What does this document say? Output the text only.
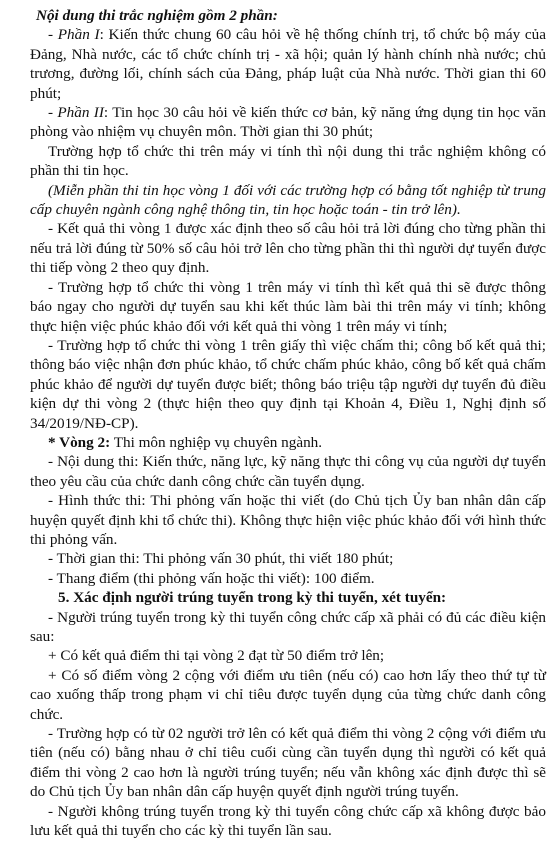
Nội dung thi trắc nghiệm gồm 2 phần:

- Phần I: Kiến thức chung 60 câu hỏi về hệ thống chính trị, tổ chức bộ máy của Đảng, Nhà nước, các tổ chức chính trị - xã hội; quản lý hành chính nhà nước; chủ trương, đường lối, chính sách của Đảng, pháp luật của Nhà nước. Thời gian thi 60 phút;

- Phần II: Tin học 30 câu hỏi về kiến thức cơ bản, kỹ năng ứng dụng tin học văn phòng vào nhiệm vụ chuyên môn. Thời gian thi 30 phút;

Trường hợp tổ chức thi trên máy vi tính thì nội dung thi trắc nghiệm không có phần thi tin học.

(Miễn phần thi tin học vòng 1 đối với các trường hợp có bằng tốt nghiệp từ trung cấp chuyên ngành công nghệ thông tin, tin học hoặc toán - tin trở lên).

- Kết quả thi vòng 1 được xác định theo số câu hỏi trả lời đúng cho từng phần thi nếu trả lời đúng từ 50% số câu hỏi trở lên cho từng phần thi thì người dự tuyển được thi tiếp vòng 2 theo quy định.

- Trường hợp tổ chức thi vòng 1 trên máy vi tính thì kết quả thi sẽ được thông báo ngay cho người dự tuyển sau khi kết thúc làm bài thi trên máy vi tính; không thực hiện việc phúc khảo đối với kết quả thi vòng 1 trên máy vi tính;

- Trường hợp tổ chức thi vòng 1 trên giấy thì việc chấm thi; công bố kết quả thi; thông báo việc nhận đơn phúc khảo, tổ chức chấm phúc khảo, công bố kết quả chấm phúc khảo để người dự tuyển được biết; thông báo triệu tập người dự tuyển đủ điều kiện dự thi vòng 2 (thực hiện theo quy định tại Khoản 4, Điều 1, Nghị định số 34/2019/NĐ-CP).

* Vòng 2: Thi môn nghiệp vụ chuyên ngành.

- Nội dung thi: Kiến thức, năng lực, kỹ năng thực thi công vụ của người dự tuyển theo yêu cầu của chức danh công chức cần tuyển dụng.

- Hình thức thi: Thi phỏng vấn hoặc thi viết (do Chủ tịch Ủy ban nhân dân cấp huyện quyết định khi tổ chức thi). Không thực hiện việc phúc khảo đối với hình thức thi phỏng vấn.

- Thời gian thi: Thi phỏng vấn 30 phút, thi viết 180 phút;

- Thang điểm (thi phỏng vấn hoặc thi viết): 100 điểm.

5. Xác định người trúng tuyển trong kỳ thi tuyển, xét tuyển:

- Người trúng tuyển trong kỳ thi tuyển công chức cấp xã phải có đủ các điều kiện sau:

+ Có kết quả điểm thi tại vòng 2 đạt từ 50 điểm trở lên;

+ Có số điểm vòng 2 cộng với điểm ưu tiên (nếu có) cao hơn lấy theo thứ tự từ cao xuống thấp trong phạm vi chỉ tiêu được tuyển dụng của từng chức danh công chức.

- Trường hợp có từ 02 người trở lên có kết quả điểm thi vòng 2 cộng với điểm ưu tiên (nếu có) bằng nhau ở chỉ tiêu cuối cùng cần tuyển dụng thì người có kết quả điểm thi vòng 2 cao hơn là người trúng tuyển; nếu vẫn không xác định được thì sẽ do Chủ tịch Ủy ban nhân dân cấp huyện quyết định người trúng tuyển.

- Người không trúng tuyển trong kỳ thi tuyển công chức cấp xã không được bảo lưu kết quả thi tuyển cho các kỳ thi tuyển lần sau.
